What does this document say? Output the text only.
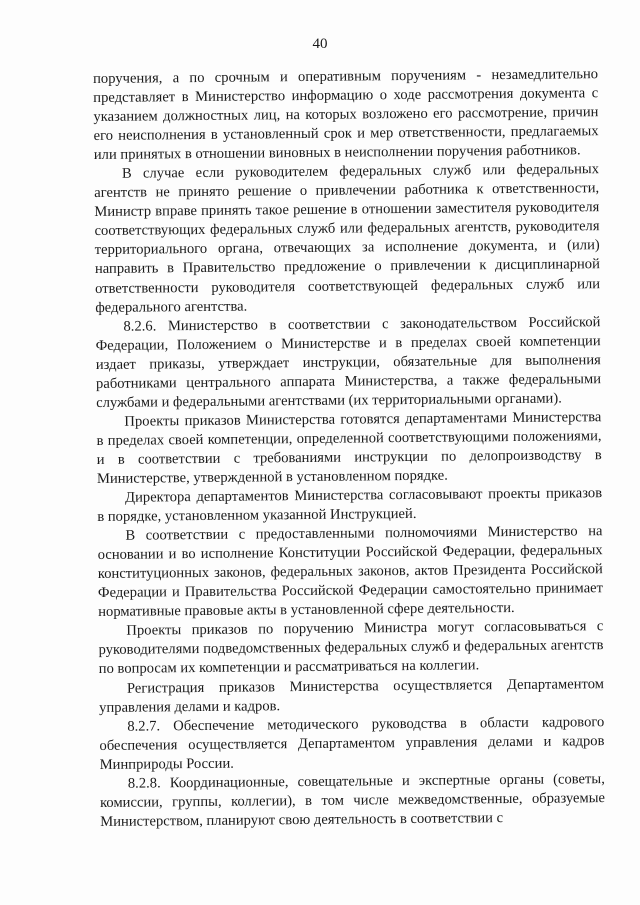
40

поручения, а по срочным и оперативным поручениям - незамедлительно представляет в Министерство информацию о ходе рассмотрения документа с указанием должностных лиц, на которых возложено его рассмотрение, причин его неисполнения в установленный срок и мер ответственности, предлагаемых или принятых в отношении виновных в неисполнении поручения работников.

В случае если руководителем федеральных служб или федеральных агентств не принято решение о привлечении работника к ответственности, Министр вправе принять такое решение в отношении заместителя руководителя соответствующих федеральных служб или федеральных агентств, руководителя территориального органа, отвечающих за исполнение документа, и (или) направить в Правительство предложение о привлечении к дисциплинарной ответственности руководителя соответствующей федеральных служб или федерального агентства.

8.2.6. Министерство в соответствии с законодательством Российской Федерации, Положением о Министерстве и в пределах своей компетенции издает приказы, утверждает инструкции, обязательные для выполнения работниками центрального аппарата Министерства, а также федеральными службами и федеральными агентствами (их территориальными органами).

Проекты приказов Министерства готовятся департаментами Министерства в пределах своей компетенции, определенной соответствующими положениями, и в соответствии с требованиями инструкции по делопроизводству в Министерстве, утвержденной в установленном порядке.

Директора департаментов Министерства согласовывают проекты приказов в порядке, установленном указанной Инструкцией.

В соответствии с предоставленными полномочиями Министерство на основании и во исполнение Конституции Российской Федерации, федеральных конституционных законов, федеральных законов, актов Президента Российской Федерации и Правительства Российской Федерации самостоятельно принимает нормативные правовые акты в установленной сфере деятельности.

Проекты приказов по поручению Министра могут согласовываться с руководителями подведомственных федеральных служб и федеральных агентств по вопросам их компетенции и рассматриваться на коллегии.

Регистрация приказов Министерства осуществляется Департаментом управления делами и кадров.

8.2.7. Обеспечение методического руководства в области кадрового обеспечения осуществляется Департаментом управления делами и кадров Минприроды России.

8.2.8. Координационные, совещательные и экспертные органы (советы, комиссии, группы, коллегии), в том числе межведомственные, образуемые Министерством, планируют свою деятельность в соответствии с
